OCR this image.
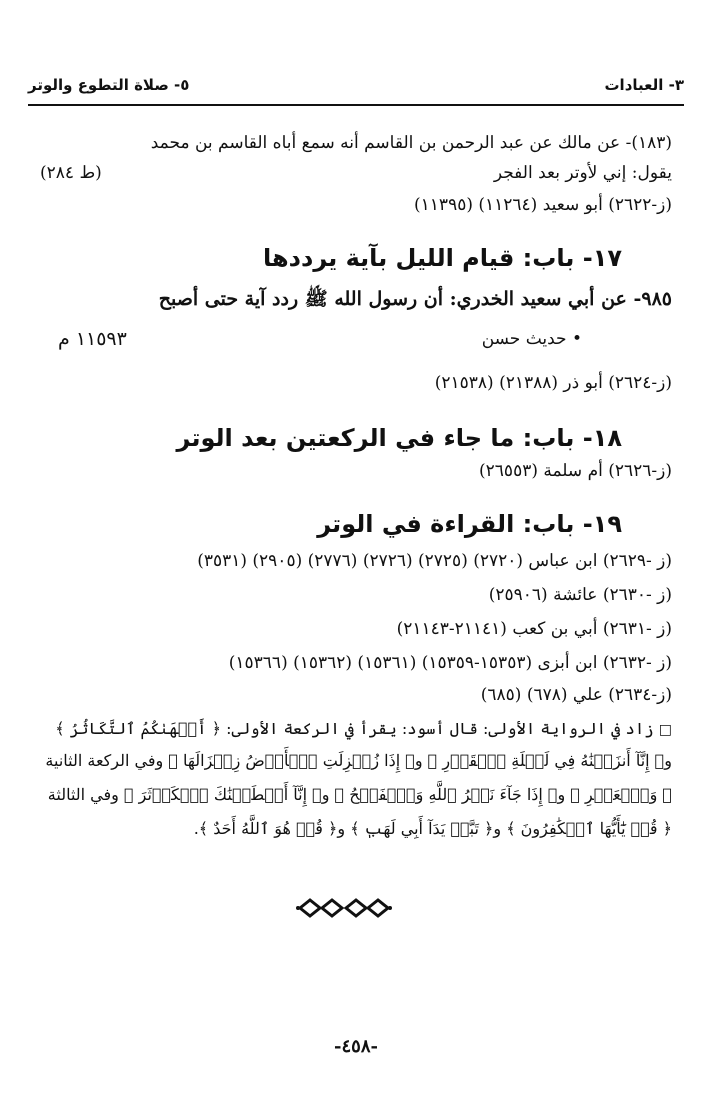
٣- العبادات
٥- صلاة التطوع والوتر
(١٨٣)- عن مالك عن عبد الرحمن بن القاسم أنه سمع أباه القاسم بن محمد
يقول: إني لأوتر بعد الفجر
(ط ٢٨٤)
(ز-٢٦٢٢) أبو سعيد (١١٢٦٤) (١١٣٩٥)
١٧- باب: قيام الليل بآية يرددها
٩٨٥- عن أبي سعيد الخدري: أن رسول الله ﷺ ردد آية حتى أصبح
• حديث حسن
١١٥٩٣ م
(ز-٢٦٢٤) أبو ذر (٢١٣٨٨) (٢١٥٣٨)
١٨- باب: ما جاء في الركعتين بعد الوتر
(ز-٢٦٢٦) أم سلمة (٢٦٥٥٣)
١٩- باب: القراءة في الوتر
(ز -٢٦٢٩) ابن عباس (٢٧٢٠) (٢٧٢٥) (٢٧٢٦) (٢٧٧٦) (٢٩٠٥) (٣٥٣١)
(ز -٢٦٣٠) عائشة (٢٥٩٠٦)
(ز -٢٦٣١) أبي بن كعب (٢١١٤١-٢١١٤٣)
(ز -٢٦٣٢) ابن أبزى (١٥٣٥٣-١٥٣٥٩) (١٥٣٦١) (١٥٣٦٢) (١٥٣٦٦)
(ز-٢٦٣٤) علي (٦٧٨) (٦٨٥)
□ زاد في الرواية الأولى: قال أسود: يقرأ في الركعة الأولى: ﴿ أَلۡهَىٰكُمُ ٱلتَّكَاثُرُ ﴾
و﴿ إِنَّآ أَنزَلۡنَٰهُ فِي لَيۡلَةِ ٱلۡقَدۡرِ ﴾ و﴿ إِذَا زُلۡزِلَتِ ٱلۡأَرۡضُ زِلۡزَالَهَا ﴾ وفي الركعة الثانية
﴿ وَٱلۡعَصۡرِ ﴾ و﴿ إِذَا جَآءَ نَصۡرُ ٱللَّهِ وَٱلۡفَتۡحُ ﴾ و﴿ إِنَّآ أَعۡطَيۡنَٰكَ ٱلۡكَوۡثَرَ ﴾ وفي الثالثة
﴿ قُلۡ يَٰٓأَيُّهَا ٱلۡكَٰفِرُونَ ﴾ و﴿ تَبَّتۡ يَدَآ أَبِي لَهَبٖ ﴾ و﴿ قُلۡ هُوَ ٱللَّهُ أَحَدٌ ﴾.
-٤٥٨-
